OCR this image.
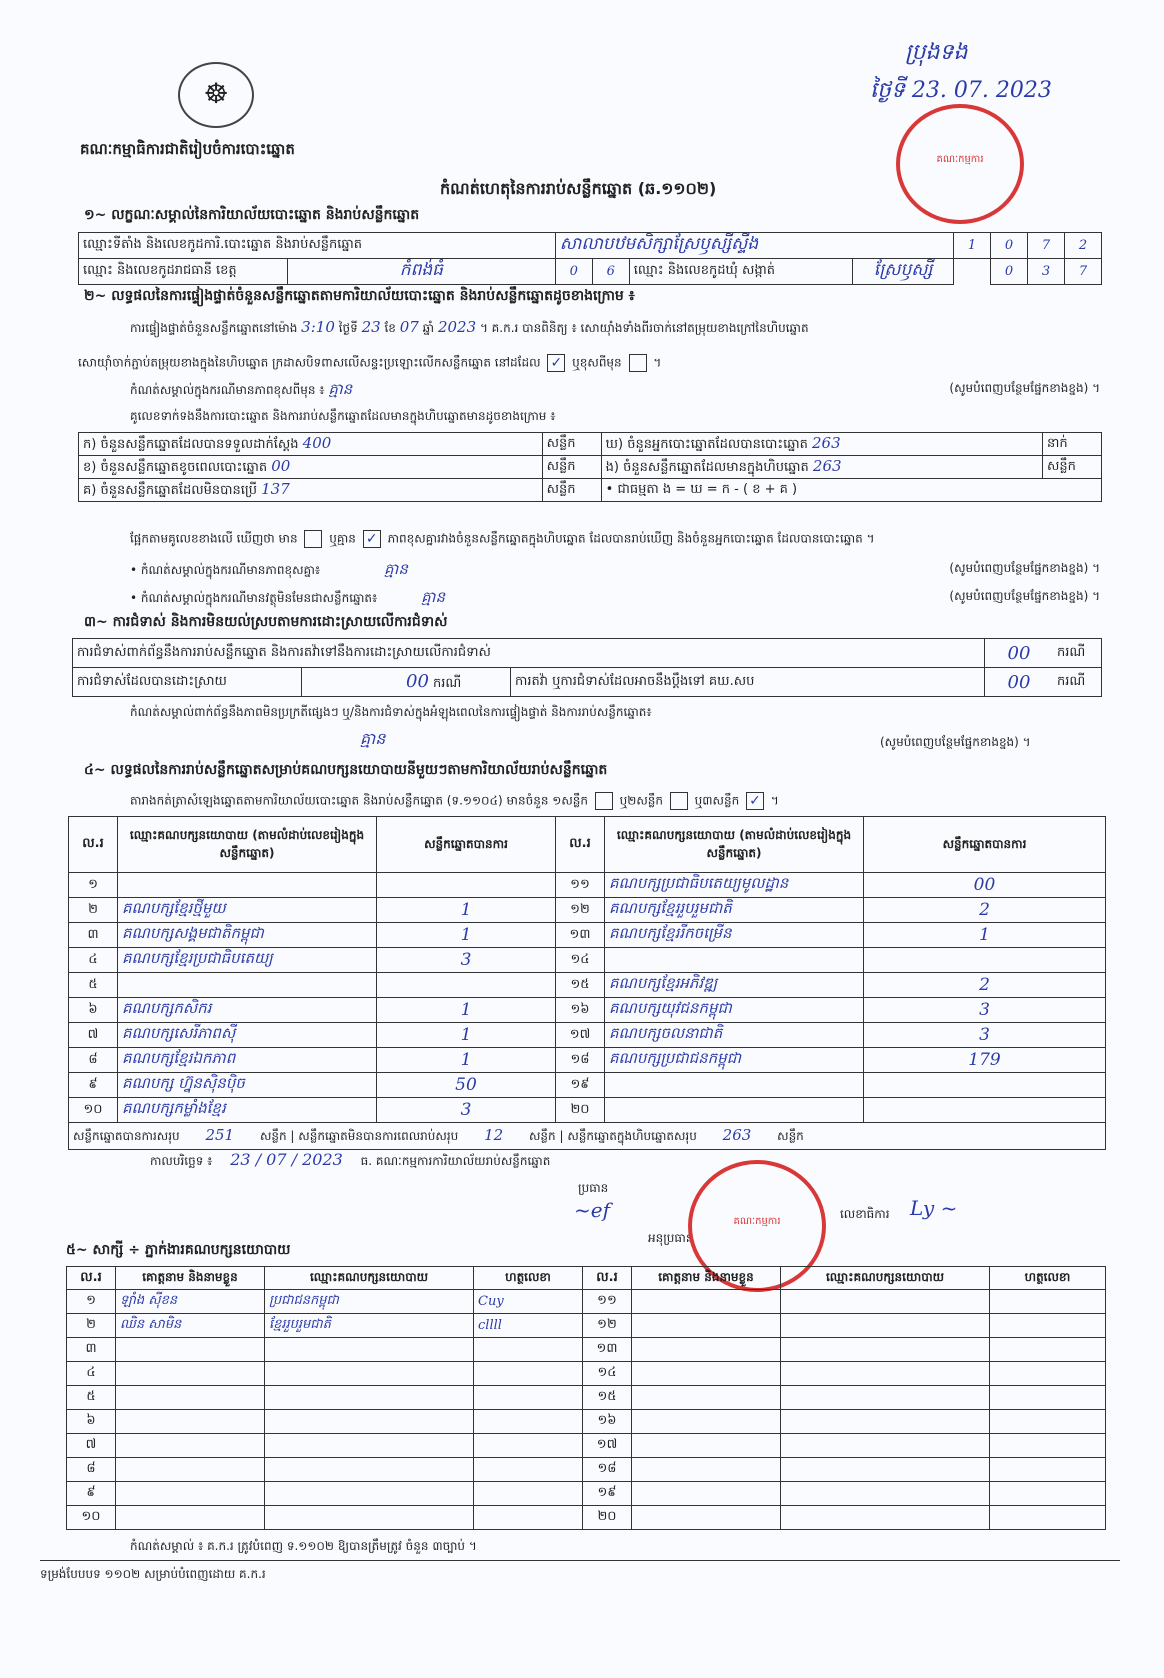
☸
គណៈកម្មាធិការជាតិរៀបចំការបោះឆ្នោត
ប្រុងទង
ថ្ងៃទី 23. 07. 2023
គណៈកម្មការ
កំណត់ហេតុនៃការរាប់សន្លឹកឆ្នោត (ឆ.១១០២)
១~ លក្ខណៈសម្គាល់នៃការិយាល័យបោះឆ្នោត និងរាប់សន្លឹកឆ្នោត
ឈ្មោះទីតាំង និងលេខកូដការិ.បោះឆ្នោត និងរាប់សន្លឹកឆ្នោត		សាលាបឋមសិក្សាស្រែឫស្សីស្ទឹង				1	0	7	2
ឈ្មោះ និងលេខកូដរាជធានី ខេត្ត	កំពង់ធំ	0	6	ឈ្មោះ និងលេខកូដឃុំ សង្កាត់	ស្រែឫស្សី		0	3	7
២~ លទ្ធផលនៃការផ្ទៀងផ្ទាត់ចំនួនសន្លឹកឆ្នោតតាមការិយាល័យបោះឆ្នោត និងរាប់សន្លឹកឆ្នោតដូចខាងក្រោម ៖
ការផ្ទៀងផ្ទាត់ចំនួនសន្លឹកឆ្នោតនៅម៉ោង 3:10 ថ្ងៃទី 23 ខែ 07 ឆ្នាំ 2023 ។ គ.ក.រ បានពិនិត្យ ៖ សោយ៉ាំងទាំងពីរចាក់នៅតម្រុយខាងក្រៅនៃហិបឆ្នោត
សោយ៉ាំចាក់ភ្ជាប់តម្រុយខាងក្នុងនៃហិបឆ្នោត ក្រដាសបិទពាសលើសន្ទះប្រឡោះលើកសន្លឹកឆ្នោត នៅដដែល ✓ ឬខុសពីមុន  ។
កំណត់សម្គាល់ក្នុងករណីមានភាពខុសពីមុន ៖ គ្មាន	(សូមបំពេញបន្ថែមផ្នែកខាងខ្នង) ។
គូលេខទាក់ទងនឹងការបោះឆ្នោត និងការរាប់សន្លឹកឆ្នោតដែលមានក្នុងហិបឆ្នោតមានដូចខាងក្រោម ៖
ក) ចំនួនសន្លឹកឆ្នោតដែលបានទទួលដាក់ស្តែង 400	សន្លឹក	ឃ) ចំនួនអ្នកបោះឆ្នោតដែលបានបោះឆ្នោត 263	នាក់
ខ) ចំនួនសន្លឹកឆ្នោតខូចពេលបោះឆ្នោត 00	សន្លឹក	ង) ចំនួនសន្លឹកឆ្នោតដែលមានក្នុងហិបឆ្នោត 263	សន្លឹក
គ) ចំនួនសន្លឹកឆ្នោតដែលមិនបានប្រើ 137	សន្លឹក	• ជាធម្មតា ង = ឃ = ក - ( ខ + គ )	
ផ្អែកតាមគូលេខខាងលើ ឃើញថា មាន	ឬគ្មាន ✓ ភាពខុសគ្នារវាងចំនួនសន្លឹកឆ្នោតក្នុងហិបឆ្នោត ដែលបានរាប់ឃើញ និងចំនួនអ្នកបោះឆ្នោត ដែលបានបោះឆ្នោត ។
• កំណត់សម្គាល់ក្នុងករណីមានភាពខុសគ្នា៖	គ្មាន	(សូមបំពេញបន្ថែមផ្នែកខាងខ្នង) ។
• កំណត់សម្គាល់ក្នុងករណីមានវត្ថុមិនមែនជាសន្លឹកឆ្នោត៖	គ្មាន	(សូមបំពេញបន្ថែមផ្នែកខាងខ្នង) ។
៣~ ការជំទាស់ និងការមិនយល់ស្របតាមការដោះស្រាយលើការជំទាស់
ការជំទាស់ពាក់ព័ន្ធនឹងការរាប់សន្លឹកឆ្នោត និងការតវ៉ាទៅនឹងការដោះស្រាយលើការជំទាស់			00	ករណី
ការជំទាស់ដែលបានដោះស្រាយ	00 ករណី	ការតវ៉ា ឬការជំទាស់ដែលអាចនឹងប្តឹងទៅ គឃ.សប	00	ករណី
កំណត់សម្គាល់ពាក់ព័ន្ធនឹងភាពមិនប្រក្រតីផ្សេងៗ ឬ/និងការជំទាស់ក្នុងអំឡុងពេលនៃការផ្ទៀងផ្ទាត់ និងការរាប់សន្លឹកឆ្នោត៖
គ្មាន	(សូមបំពេញបន្ថែមផ្នែកខាងខ្នង) ។
៤~ លទ្ធផលនៃការរាប់សន្លឹកឆ្នោតសម្រាប់គណបក្សនយោបាយនីមួយៗតាមការិយាល័យរាប់សន្លឹកឆ្នោត
តារាងកត់ត្រាសំឡេងឆ្នោតតាមការិយាល័យបោះឆ្នោត និងរាប់សន្លឹកឆ្នោត (ទ.១១០៤) មានចំនួន ១សន្លឹក	ឬ២សន្លឹក	ឬ៣សន្លឹក ✓ ។
ល.រ	ឈ្មោះគណបក្សនយោបាយ (តាមលំដាប់លេខរៀងក្នុងសន្លឹកឆ្នោត)	សន្លឹកឆ្នោតបានការ	ល.រ	ឈ្មោះគណបក្សនយោបាយ (តាមលំដាប់លេខរៀងក្នុងសន្លឹកឆ្នោត)	សន្លឹកឆ្នោតបានការ
១			១១	គណបក្សប្រជាធិបតេយ្យមូលដ្ឋាន	00
២	គណបក្សខ្មែរថ្មីមួយ	1	១២	គណបក្សខ្មែររួបរួមជាតិ	2
៣	គណបក្សសង្គមជាតិកម្ពុជា	1	១៣	គណបក្សខ្មែររីកចម្រើន	1
៤	គណបក្សខ្មែរប្រជាធិបតេយ្យ	3	១៤		
៥			១៥	គណបក្សខ្មែរអភិវឌ្ឍ	2
៦	គណបក្សកសិករ	1	១៦	គណបក្សយុវជនកម្ពុជា	3
៧	គណបក្សសេរីភាពស៊ី	1	១៧	គណបក្សចលនាជាតិ	3
៨	គណបក្សខ្មែរឯកភាព	1	១៨	គណបក្សប្រជាជនកម្ពុជា	179
៩	គណបក្ស ហ្វ៊ុនស៊ិនប៉ិច	50	១៩		
១០	គណបក្សកម្លាំងខ្មែរ	3	២០		
សន្លឹកឆ្នោតបានការសរុប 251 សន្លឹក | សន្លឹកឆ្នោតមិនបានការពេលរាប់សរុប 12 សន្លឹក | សន្លឹកឆ្នោតក្នុងហិបឆ្នោតសរុប 263 សន្លឹក					
កាលបរិច្ឆេទ ៖ 23 / 07 / 2023 ធ. គណៈកម្មការការិយាល័យរាប់សន្លឹកឆ្នោត
ប្រធាន
~ef
អនុប្រធាន
គណៈកម្មការ
លេខាធិការ Ly ~
៥~ សាក្សី ÷ ភ្នាក់ងារគណបក្សនយោបាយ
ល.រ	គោត្តនាម និងនាមខ្លួន	ឈ្មោះគណបក្សនយោបាយ	ហត្ថលេខា	ល.រ	គោត្តនាម និងនាមខ្លួន	ឈ្មោះគណបក្សនយោបាយ	ហត្ថលេខា
១	ឡាំង ស៊ីខន	ប្រជាជនកម្ពុជា	Cuy	១១			
២	ឈិន សាមិន	ខ្មែររួបរួមជាតិ	cllll	១២			
៣				១៣			
៤				១៤			
៥				១៥			
៦				១៦			
៧				១៧			
៨				១៨			
៩				១៩			
១០				២០			
កំណត់សម្គាល់ ៖ គ.ក.រ ត្រូវបំពេញ ទ.១១០២ ឱ្យបានត្រឹមត្រូវ ចំនួន ៣ច្បាប់ ។
ទម្រង់បែបបទ ១១០២ សម្រាប់បំពេញដោយ គ.ក.រ
